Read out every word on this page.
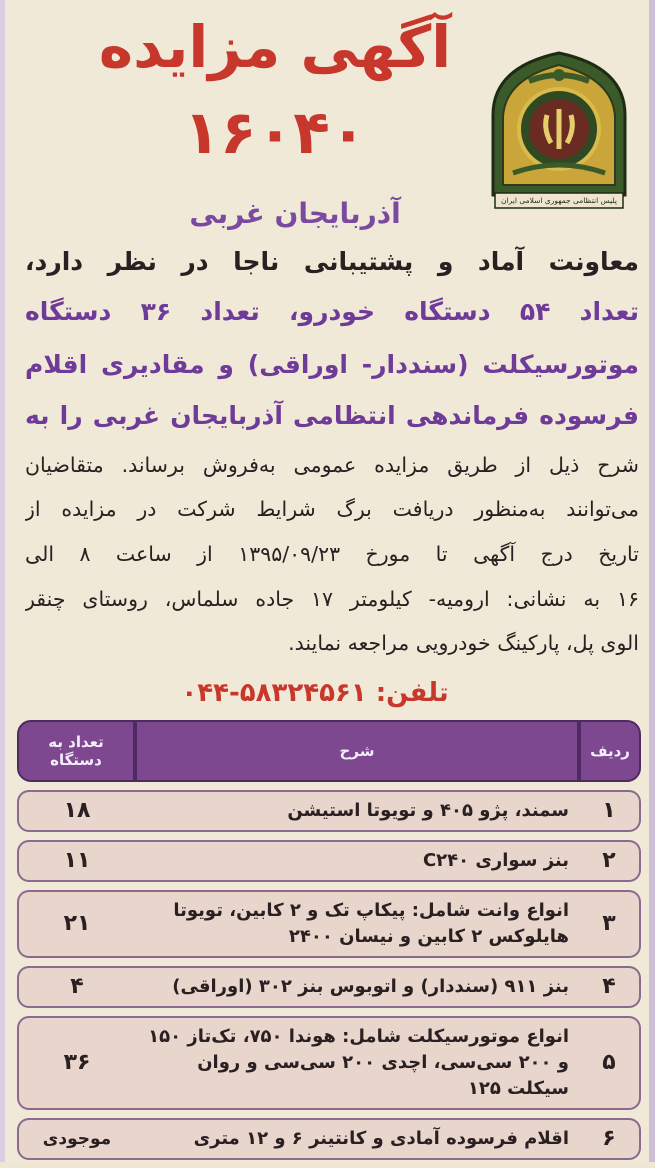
پلیس انتظامی جمهوری اسلامی ایران
آگهی مزایده
۱۶۰۴۰
آذربایجان غربی
معاونت آماد و پشتیبانی ناجا در نظر دارد،
تعداد ۵۴ دستگاه خودرو، تعداد ۳۶ دستگاه
موتورسیکلت (سنددار- اوراقی) و مقادیری اقلام
فرسوده فرماندهی انتظامی آذربایجان غربی را به
شرح ذیل از طریق مزایده عمومی به‌فروش برساند. متقاضیان
می‌توانند به‌منظور دریافت برگ شرایط شرکت در مزایده از
تاریخ درج آگهی تا مورخ ۱۳۹۵/۰۹/۲۳ از ساعت ۸ الی
۱۶ به نشانی: ارومیه- کیلومتر ۱۷ جاده سلماس، روستای چنقر
الوی پل، پارکینگ خودرویی مراجعه نمایند.
تلفن: ۰۴۴-۵۸۳۲۴۵۶۱
ردیف	شرح	تعداد به دستگاه
۱	سمند، پژو ۴۰۵ و تویوتا استیشن	۱۸
۲	بنز سواری C۲۴۰	۱۱
۳	انواع وانت شامل: پیکاپ تک و ۲ کابین، تویوتا هایلوکس ۲ کابین و نیسان ۲۴۰۰	۲۱
۴	بنز ۹۱۱ (سنددار) و اتوبوس بنز ۳۰۲ (اوراقی)	۴
۵	انواع موتورسیکلت شامل: هوندا ۷۵۰، تک‌تاز ۱۵۰ و ۲۰۰ سی‌سی، اچدی ۲۰۰ سی‌سی و روان سیکلت ۱۲۵	۳۶
۶	اقلام فرسوده آمادی و کانتینر ۶ و ۱۲ متری	موجودی
